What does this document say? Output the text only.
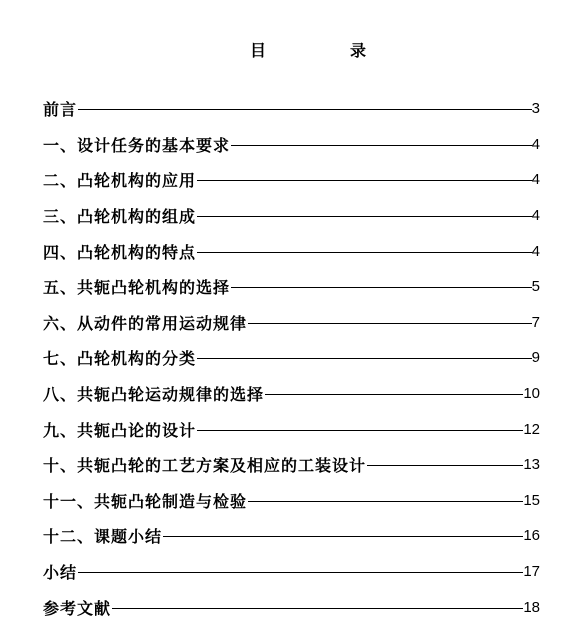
目	录
前言	3
一、设计任务的基本要求	4
二、凸轮机构的应用	4
三、凸轮机构的组成	4
四、凸轮机构的特点	4
五、共轭凸轮机构的选择	5
六、从动件的常用运动规律	7
七、凸轮机构的分类	9
八、共轭凸轮运动规律的选择	10
九、共轭凸论的设计	12
十、共轭凸轮的工艺方案及相应的工装设计	13
十一、共轭凸轮制造与检验	15
十二、课题小结	16
小结	17
参考文献	18
